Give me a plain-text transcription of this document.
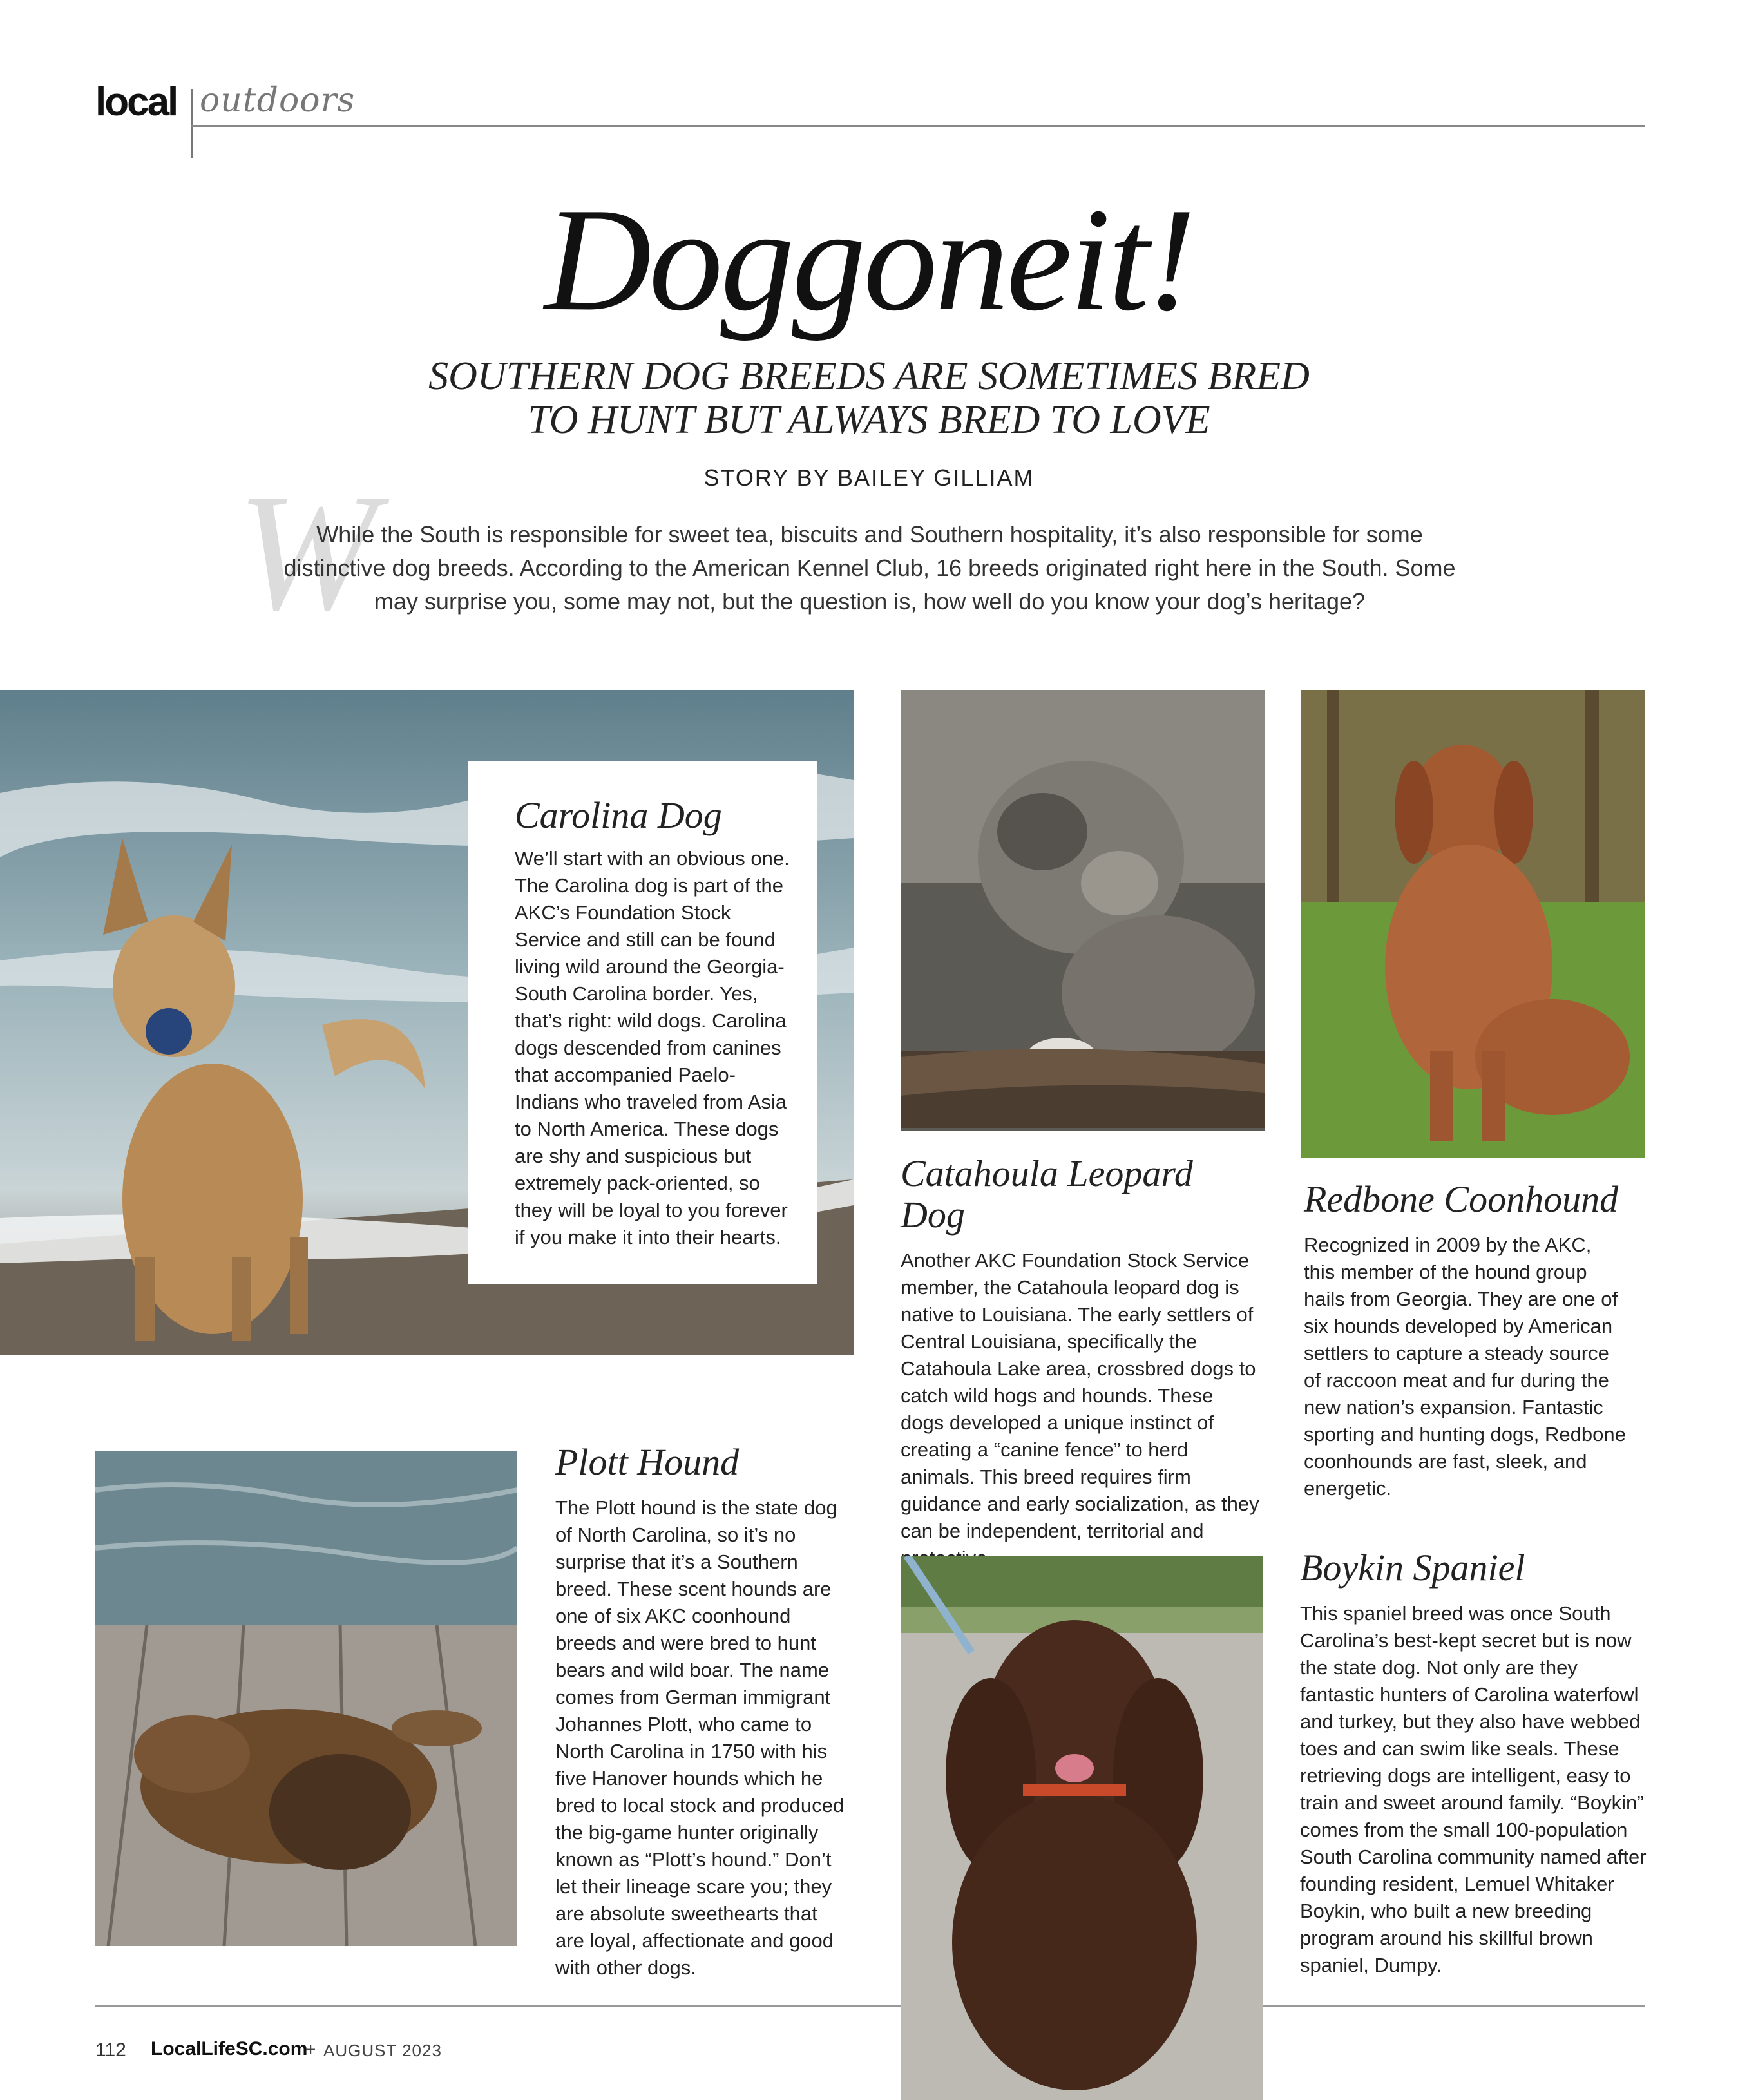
local outdoors
Doggoneit!
SOUTHERN DOG BREEDS ARE SOMETIMES BRED
TO HUNT BUT ALWAYS BRED TO LOVE
STORY BY BAILEY GILLIAM
W
While the South is responsible for sweet tea, biscuits and Southern hospitality, it’s also responsible for some distinctive dog breeds. According to the American Kennel Club, 16 breeds originated right here in the South. Some may surprise you, some may not, but the question is, how well do you know your dog’s heritage?
Carolina Dog
We’ll start with an obvious one. The Carolina dog is part of the AKC’s Foundation Stock Service and still can be found living wild around the Georgia-South Carolina border. Yes, that’s right: wild dogs. Carolina dogs descended from canines that accompanied Paelo-Indians who traveled from Asia to North America. These dogs are shy and suspicious but extremely pack-oriented, so they will be loyal to you forever if you make it into their hearts.
Catahoula Leopard Dog
Another AKC Foundation Stock Service member, the Catahoula leopard dog is native to Louisiana. The early settlers of Central Louisiana, specifically the Catahoula Lake area, crossbred dogs to catch wild hogs and hounds. These dogs developed a unique instinct of creating a “canine fence” to herd animals. This breed requires firm guidance and early socialization, as they can be independent, territorial and
Redbone Coonhound
Recognized in 2009 by the AKC, this member of the hound group hails from Georgia. They are one of six hounds developed by American settlers to capture a steady source of raccoon meat and fur during the new nation’s expansion. Fantastic sporting and hunting dogs, Redbone coonhounds are fast, sleek, and energetic.
Plott Hound
The Plott hound is the state dog of North Carolina, so it’s no surprise that it’s a Southern breed. These scent hounds are one of six AKC coonhound breeds and were bred to hunt bears and wild boar. The name comes from German immigrant Johannes Plott, who came to North Carolina in 1750 with his five Hanover hounds which he bred to local stock and produced the big-game hunter originally known as “Plott’s hound.” Don’t let their lineage scare you; they are absolute sweethearts that are loyal, affectionate and good with other dogs.
Boykin Spaniel
This spaniel breed was once South Carolina’s best-kept secret but is now the state dog. Not only are they fantastic hunters of Carolina waterfowl and turkey, but they also have webbed toes and can swim like seals. These retrieving dogs are intelligent, easy to train and sweet around family. “Boykin” comes from the small 100-population South Carolina community named after founding resident, Lemuel Whitaker Boykin, who built a new breeding program around his skillful brown spaniel, Dumpy.
112 LocalLifeSC.com
+ AUGUST 2023
